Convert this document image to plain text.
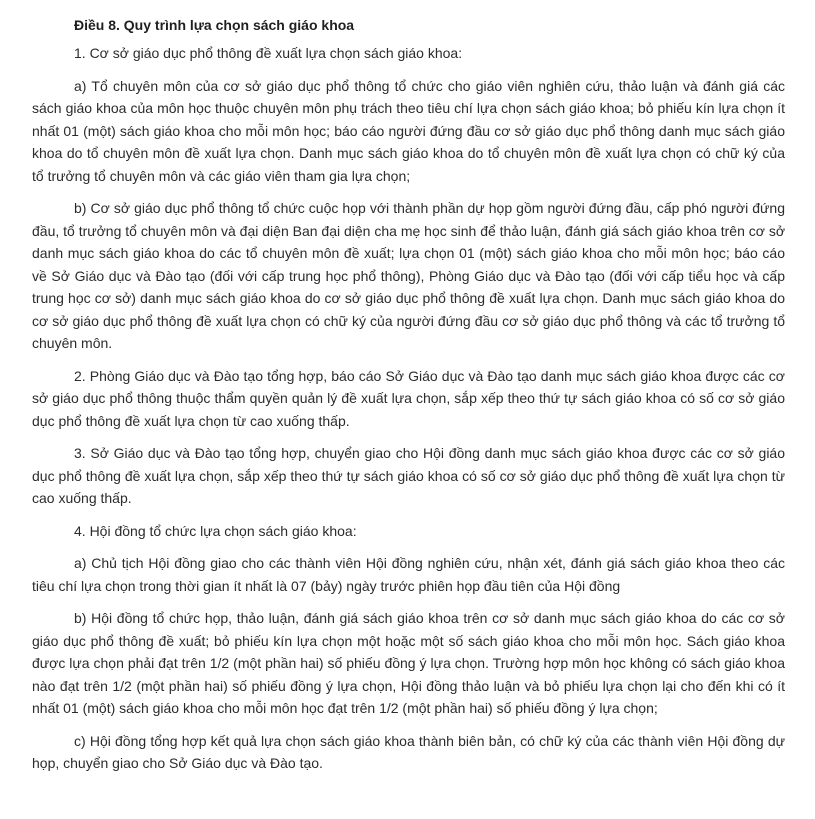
Điều 8. Quy trình lựa chọn sách giáo khoa

1. Cơ sở giáo dục phổ thông đề xuất lựa chọn sách giáo khoa:

a) Tổ chuyên môn của cơ sở giáo dục phổ thông tổ chức cho giáo viên nghiên cứu, thảo luận và đánh giá các sách giáo khoa của môn học thuộc chuyên môn phụ trách theo tiêu chí lựa chọn sách giáo khoa; bỏ phiếu kín lựa chọn ít nhất 01 (một) sách giáo khoa cho mỗi môn học; báo cáo người đứng đầu cơ sở giáo dục phổ thông danh mục sách giáo khoa do tổ chuyên môn đề xuất lựa chọn. Danh mục sách giáo khoa do tổ chuyên môn đề xuất lựa chọn có chữ ký của tổ trưởng tổ chuyên môn và các giáo viên tham gia lựa chọn;

b) Cơ sở giáo dục phổ thông tổ chức cuộc họp với thành phần dự họp gồm người đứng đầu, cấp phó người đứng đầu, tổ trưởng tổ chuyên môn và đại diện Ban đại diện cha mẹ học sinh để thảo luận, đánh giá sách giáo khoa trên cơ sở danh mục sách giáo khoa do các tổ chuyên môn đề xuất; lựa chọn 01 (một) sách giáo khoa cho mỗi môn học; báo cáo về Sở Giáo dục và Đào tạo (đối với cấp trung học phổ thông), Phòng Giáo dục và Đào tạo (đối với cấp tiểu học và cấp trung học cơ sở) danh mục sách giáo khoa do cơ sở giáo dục phổ thông đề xuất lựa chọn. Danh mục sách giáo khoa do cơ sở giáo dục phổ thông đề xuất lựa chọn có chữ ký của người đứng đầu cơ sở giáo dục phổ thông và các tổ trưởng tổ chuyên môn.

2. Phòng Giáo dục và Đào tạo tổng hợp, báo cáo Sở Giáo dục và Đào tạo danh mục sách giáo khoa được các cơ sở giáo dục phổ thông thuộc thẩm quyền quản lý đề xuất lựa chọn, sắp xếp theo thứ tự sách giáo khoa có số cơ sở giáo dục phổ thông đề xuất lựa chọn từ cao xuống thấp.

3. Sở Giáo dục và Đào tạo tổng hợp, chuyển giao cho Hội đồng danh mục sách giáo khoa được các cơ sở giáo dục phổ thông đề xuất lựa chọn, sắp xếp theo thứ tự sách giáo khoa có số cơ sở giáo dục phổ thông đề xuất lựa chọn từ cao xuống thấp.

4. Hội đồng tổ chức lựa chọn sách giáo khoa:

a) Chủ tịch Hội đồng giao cho các thành viên Hội đồng nghiên cứu, nhận xét, đánh giá sách giáo khoa theo các tiêu chí lựa chọn trong thời gian ít nhất là 07 (bảy) ngày trước phiên họp đầu tiên của Hội đồng

b) Hội đồng tổ chức họp, thảo luận, đánh giá sách giáo khoa trên cơ sở danh mục sách giáo khoa do các cơ sở giáo dục phổ thông đề xuất; bỏ phiếu kín lựa chọn một hoặc một số sách giáo khoa cho mỗi môn học. Sách giáo khoa được lựa chọn phải đạt trên 1/2 (một phần hai) số phiếu đồng ý lựa chọn. Trường hợp môn học không có sách giáo khoa nào đạt trên 1/2 (một phần hai) số phiếu đồng ý lựa chọn, Hội đồng thảo luận và bỏ phiếu lựa chọn lại cho đến khi có ít nhất 01 (một) sách giáo khoa cho mỗi môn học đạt trên 1/2 (một phần hai) số phiếu đồng ý lựa chọn;

c) Hội đồng tổng hợp kết quả lựa chọn sách giáo khoa thành biên bản, có chữ ký của các thành viên Hội đồng dự họp, chuyển giao cho Sở Giáo dục và Đào tạo.
